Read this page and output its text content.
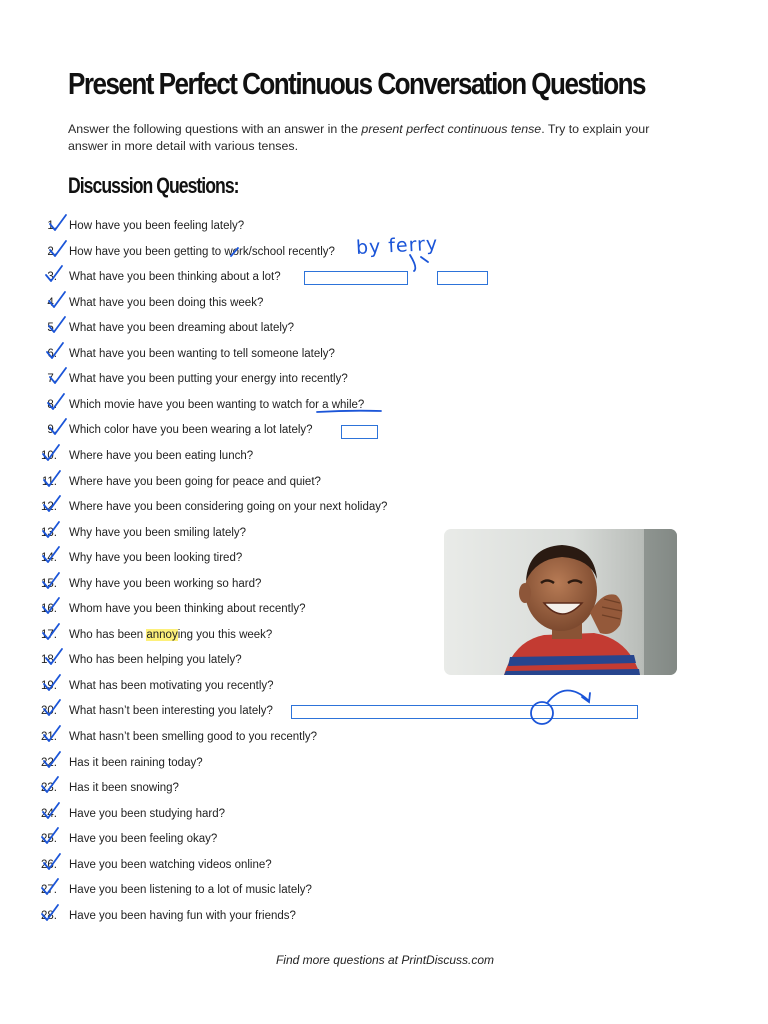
Present Perfect Continuous Conversation Questions

Answer the following questions with an answer in the present perfect continuous tense. Try to explain your answer in more detail with various tenses.

Discussion Questions:
1. How have you been feeling lately?
2. How have you been getting to work/school recently?
3. What have you been thinking about a lot?
4. What have you been doing this week?
5. What have you been dreaming about lately?
6. What have you been wanting to tell someone lately?
7. What have you been putting your energy into recently?
8. Which movie have you been wanting to watch for a while?
9. Which color have you been wearing a lot lately?
10. Where have you been eating lunch?
11. Where have you been going for peace and quiet?
12. Where have you been considering going on your next holiday?
13. Why have you been smiling lately?
14. Why have you been looking tired?
15. Why have you been working so hard?
16. Whom have you been thinking about recently?
17. Who has been annoying you this week?
18. Who has been helping you lately?
19. What has been motivating you recently?
20. What hasn’t been interesting you lately?
21. What hasn’t been smelling good to you recently?
22. Has it been raining today?
23. Has it been snowing?
24. Have you been studying hard?
25. Have you been feeling okay?
26. Have you been watching videos online?
27. Have you been listening to a lot of music lately?
28. Have you been having fun with your friends?
by ferry

Find more questions at PrintDiscuss.com
